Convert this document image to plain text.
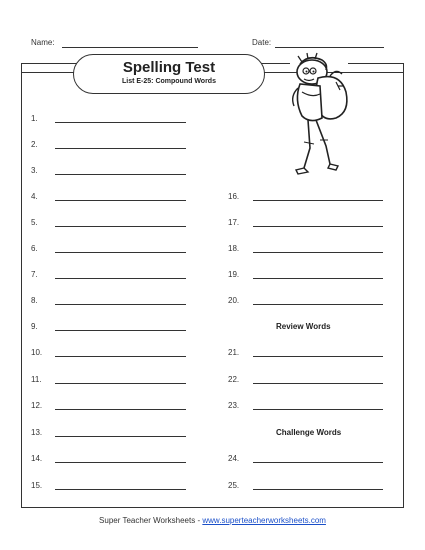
Name:	Date:
Spelling Test
List E-25: Compound Words
1.
2.
3.
4.
5.
6.
7.
8.
9.
10.
11.
12.
13.
14.
15.
16.
17.
18.
19.
20.
21.
22.
23.
24.
25.
Review Words
Challenge Words
Super Teacher Worksheets - www.superteacherworksheets.com
